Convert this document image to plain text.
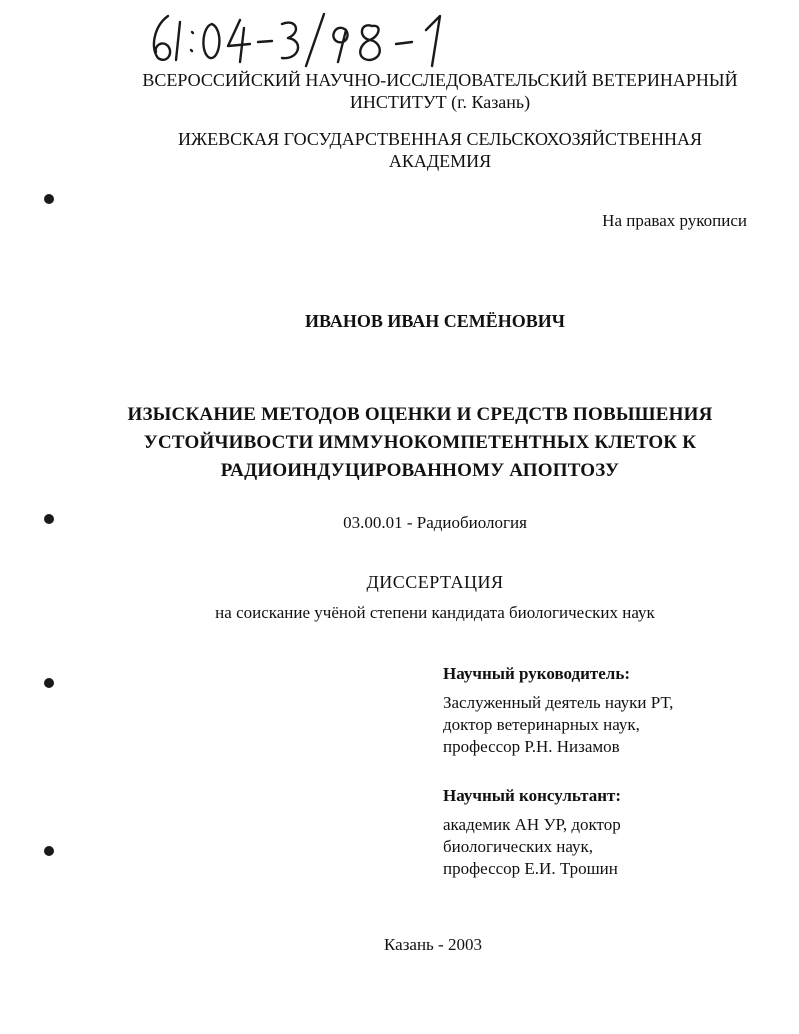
ВСЕРОССИЙСКИЙ НАУЧНО-ИССЛЕДОВАТЕЛЬСКИЙ ВЕТЕРИНАРНЫЙ
ИНСТИТУТ (г. Казань)
ИЖЕВСКАЯ ГОСУДАРСТВЕННАЯ СЕЛЬСКОХОЗЯЙСТВЕННАЯ
АКАДЕМИЯ
На правах рукописи
ИВАНОВ ИВАН СЕМЁНОВИЧ
ИЗЫСКАНИЕ МЕТОДОВ ОЦЕНКИ И СРЕДСТВ ПОВЫШЕНИЯ
УСТОЙЧИВОСТИ ИММУНОКОМПЕТЕНТНЫХ КЛЕТОК К
РАДИОИНДУЦИРОВАННОМУ АПОПТОЗУ
03.00.01 - Радиобиология
ДИССЕРТАЦИЯ
на соискание учёной степени кандидата биологических наук
Научный руководитель:
Заслуженный деятель науки РТ,
доктор ветеринарных наук,
профессор Р.Н. Низамов
Научный консультант:
академик АН УР, доктор
биологических наук,
профессор Е.И. Трошин
Казань - 2003
